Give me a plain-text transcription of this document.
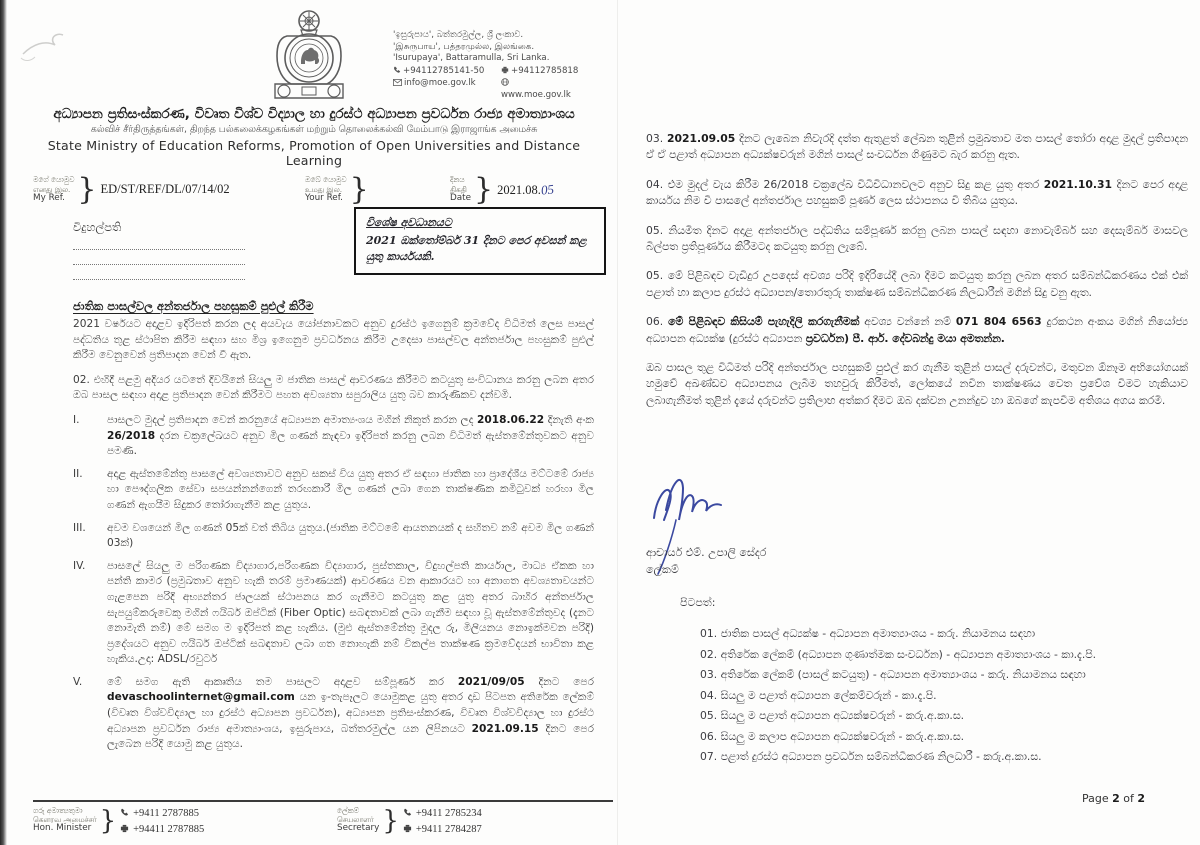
'ඉසුරුපාය', බත්තරමුල්ල, ශ්‍රී ලංකාව.
'இசுருபாய', பத்தரமுல்ல, இலங்கை.
'Isurupaya', Battaramulla, Sri Lanka.
+94112785141-50	+94112785818
info@moe.gov.lk
www.moe.gov.lk
අධ්‍යාපන ප්‍රතිසංස්කරණ, විවෘත විශ්ව විද්‍යාල හා දුරස්ථ අධ්‍යාපන ප්‍රවර්ධන රාජ්‍ය අමාත්‍යාංශය
கல்விச் சீர்திருத்தங்கள், திறந்த பல்கலைக்கழகங்கள் மற்றும் தொலைக்கல்வி மேம்பாடு இராஜாங்க அமைச்சு
State Ministry of Education Reforms, Promotion of Open Universities and Distance Learning
මගේ යොමුව
எனது இல.
My Ref. } ED/ST/REF/DL/07/14/02
ඔබේ යොමුව
உமது இல.
Your Ref. }	දිනය
திகதி
Date } 2021.08.05
විදුහල්පති	විශේෂ අවධානයට
2021 ඔක්තෝම්බර් 31 දිනට පෙර අවසන් කළ යුතු කාර්යයකි.
ජාතික පාසල්වල අන්තර්ජාල පහසුකම් පුළුල් කිරීම

2021 වර්ෂයට අදාළව ඉදිරිපත් කරන ලද අයවැය යෝජනාවකට අනුව දුරස්ථ ඉගෙනුම් ක්‍රමවේද විධිමත් ලෙස පාසල් පද්ධතිය තුළ ස්ථාපිත කිරීම සඳහා සහ මිශ්‍ර ඉගෙනුම ප්‍රවර්ධනය කිරීම උදෙසා පාසල්වල අන්තර්ජාල පහසුකම් පුළුල් කිරීම වෙනුවෙන් ප්‍රතිපාදන වෙන් වී ඇත.

02. එහිදී පළමු අදියර යටතේ දිවයිනේ සියලු ම ජාතික පාසල් ආවරණය කිරීමට කටයුතු සංවිධානය කරනු ලබන අතර ඔබ පාසල සඳහා අදාළ ප්‍රතිපාදන වෙන් කිරීමට පහත අවශ්‍යතා සපුරාලිය යුතු බව කාරුණිකව දන්වමි.

I.	පාසලට මුදල් ප්‍රතිපාදන වෙන් කරනුයේ අධ්‍යාපන අමාත්‍යංශය මගින් නිකුත් කරන ලද 2018.06.22 දිනැති අංක 26/2018 දරන චක්‍රලේඛයට අනුව මිල ගණන් කැඳවා ඉදිරිපත් කරනු ලබන විධිමත් ඇස්තමේන්තුවකට අනුව පමණි.
II.	අදාළ ඇස්තමේන්තු පාසලේ අවශ්‍යතාවට අනුව සකස් විය යුතු අතර ඒ සඳහා ජාතික හා ප්‍රාදේශීය මට්ටමේ රාජ්‍ය හා පෞද්ගලික සේවා සපයන්නන්ගෙන් තරඟකාරී මිල ගණන් ලබා ගෙන තාක්ෂණික කමිටුවක් හරහා මිල ගණන් ඇගයීම සිදුකර තෝරාගැනීම කළ යුතුය.
III.	අවම වශයෙන් මිල ගණන් 05ක් වත් තිබිය යුතුය.(ජාතික මට්ටමේ ආයතනයක් ද සහිතව නම් අවම මිල ගණන් 03ක්)
IV.	පාසලේ සියලු ම පරිගණක විද්‍යාගාර,පරිගණක විද්‍යාගාර, පුස්තකාල, විදුහල්පති කාර්යාල, මාධ්‍ය ඒකක හා පන්ති කාමර (ප්‍රමුඛතාව අනුව හැකි තරම් ප්‍රමාණයක්) ආවරණය වන ආකාරයට හා අනාගත අවශ්‍යතාවයන්ට ගැළපෙන පරිදි අභ්‍යන්තර ජාලයක් ස්ථාපනය කර ගැනීමට කටයුතු කළ යුතු අතර බාහිර අන්තර්ජාල සැපයුම්කරුවෙකු මගින් ෆයිබර් ඔප්ටික් (Fiber Optic) සබඳතාවක් ලබා ගැනීම සඳහා වූ ඇස්තමේන්තුවද (දැනට නොමැති නම්) මේ සමග ම ඉදිරිපත් කළ හැකිය. (මුළු ඇස්තමේන්තු මුදල රු, මිලියනය නොඉක්මවන පරිදි) ප්‍රදේශයට අනුව ෆයිබර් ඔප්ටික් සබඳතාව ලබා ගත නොහැකි නම් විකල්ප තාක්ෂණ ක්‍රමවේදයන් භාවිතා කළ හැකිය.උදා: ADSL/රවුටර්
V.	මේ සමග ඇති ආකෘතිය තම පාසලට අදාළව සම්පූර්ණ කර 2021/09/05 දිනට පෙර devaschoolinternet@gmail.com යන ඉ-තැපෑලට යොමුකළ යුතු අතර දෘඩ පිටපත අතිරේක ලේකම් (විවෘත විශ්වවිද්‍යාල හා දුරස්ථ අධ්‍යාපන ප්‍රවර්ධන), අධ්‍යාපන ප්‍රතිසංස්කරණ, විවෘත විශ්වවිද්‍යාල හා දුරස්ථ අධ්‍යාපන ප්‍රවර්ධන රාජ්‍ය අමාත්‍යාංශය, ඉසුරුපාය, බත්තරමුල්ල යන ලිපිනයට 2021.09.15 දිනට පෙර ලැබෙන පරිදි යොමු කළ යුතුය.
ගරු අමාත්‍යතුමා
கௌரவ அமைச்சர்
Hon. Minister }	+9411 2787885
+94411 2787885
ලේකම්
செயலாளர்
Secretary }	+9411 2785234
+9411 2784287

03. 2021.09.05 දිනට ලැබෙන නිවැරදි දත්ත ඇතුළත් ලේඛන තුළින් ප්‍රමුඛතාව මත පාසල් තෝරා අදාළ මුදල් ප්‍රතිපාදන ඒ ඒ පළාත් අධ්‍යාපන අධ්‍යක්ෂවරුන් මගින් පාසල් සංවර්ධන ගිණුමට බැර කරනු ඇත.

04. එම මුදල් වැය කිරීම 26/2018 චක්‍රලේඛ විධිවිධානවලට අනුව සිදු කළ යුතු අතර 2021.10.31 දිනට පෙර අදාළ කාර්යය නිම වී පාසලේ අන්තර්ජාල පහසුකම් පූර්ණ ලෙස ස්ථාපනය වී තිබිය යුතුය.

05. නියමිත දිනට අදාළ අන්තර්ජාල පද්ධතිය සම්පූර්ණ කරනු ලබන පාසල් සඳහා නොවැම්බර් සහ දෙසැම්බර් මාසවල බිල්පත ප්‍රතිපූර්ණය කිරීමටද කටයුතු කරනු ලැබේ.

05. මේ පිළිබඳව වැඩිදුර උපදෙස් අවශ්‍ය පරිදි ඉදිරියේදී ලබා දීමට කටයුතු කරනු ලබන අතර සම්බන්ධීකරණය එක් එක් පළාත් හා කලාප දුරස්ථ අධ්‍යාපන/තොරතුරු තාක්ෂණ සම්බන්ධීකරණ නිලධාරීන් මගින් සිදු වනු ඇත.

06. මේ පිළිබඳව කිසියම් පැහැදිලි කරගැනීමක් අවශ්‍ය වන්නේ නම් 071 804 6563 දුරකථන අංකය මගින් නියෝජ්‍ය අධ්‍යාපන අධ්‍යක්ෂ (දුරස්ථ අධ්‍යාපන ප්‍රවර්ධන) පී. ආර්. දේවබන්දු මයා අමතන්න.

ඔබ පාසල තුළ විධිමත් පරිදි අන්තර්ජාල පහසුකම් පුළුල් කර ගැනීම තුළින් පාසල් දරුවන්ට, මතුවන ඕනෑම අභියෝගයක් හමුවේ අඛණ්ඩව අධ්‍යාපනය ලැබීම තහවුරු කිරීමත්, ලෝකයේ නවීන තාක්ෂණය වෙත ප්‍රවේශ වීමට හැකියාව ලබාගැනීමත් තුළින් දැයේ දරුවන්ට ප්‍රතිලාභ අත්කර දීමට ඔබ දක්වන උනන්දුව හා ඔබගේ කැපවීම අතිශය අගය කරමි.

ආචාර්ය එම්. උපාලි සේදර
ලේකම්
පිටපත්:
01. ජාතික පාසල් අධ්‍යක්ෂ - අධ්‍යාපන අමාත්‍යාංශය - කරු. නියාමනය සඳහා
02. අතිරේක ලේකම් (අධ්‍යාපන ගුණාත්මක සංවර්ධන) - අධ්‍යාපන අමාත්‍යාංශය - කා.දැ.පි.
03. අතිරේක ලේකම් (පාසල් කටයුතු) - අධ්‍යාපන අමාත්‍යාංශය - කරු. නියාමනය සඳහා
04. සියලු ම පළාත් අධ්‍යාපන ලේකම්වරුන් - කා.දැ.පි.
05. සියලු ම පළාත් අධ්‍යාපන අධ්‍යක්ෂවරුන් - කරු.අ.කා.ස.
06. සියලු ම කලාප අධ්‍යාපන අධ්‍යක්ෂවරුන් - කරු.අ.කා.ස.
07. පළාත් දුරස්ථ අධ්‍යාපන ප්‍රවර්ධන සම්බන්ධීකරණ නිලධාරී - කරු.අ.කා.ස.
Page 2 of 2
